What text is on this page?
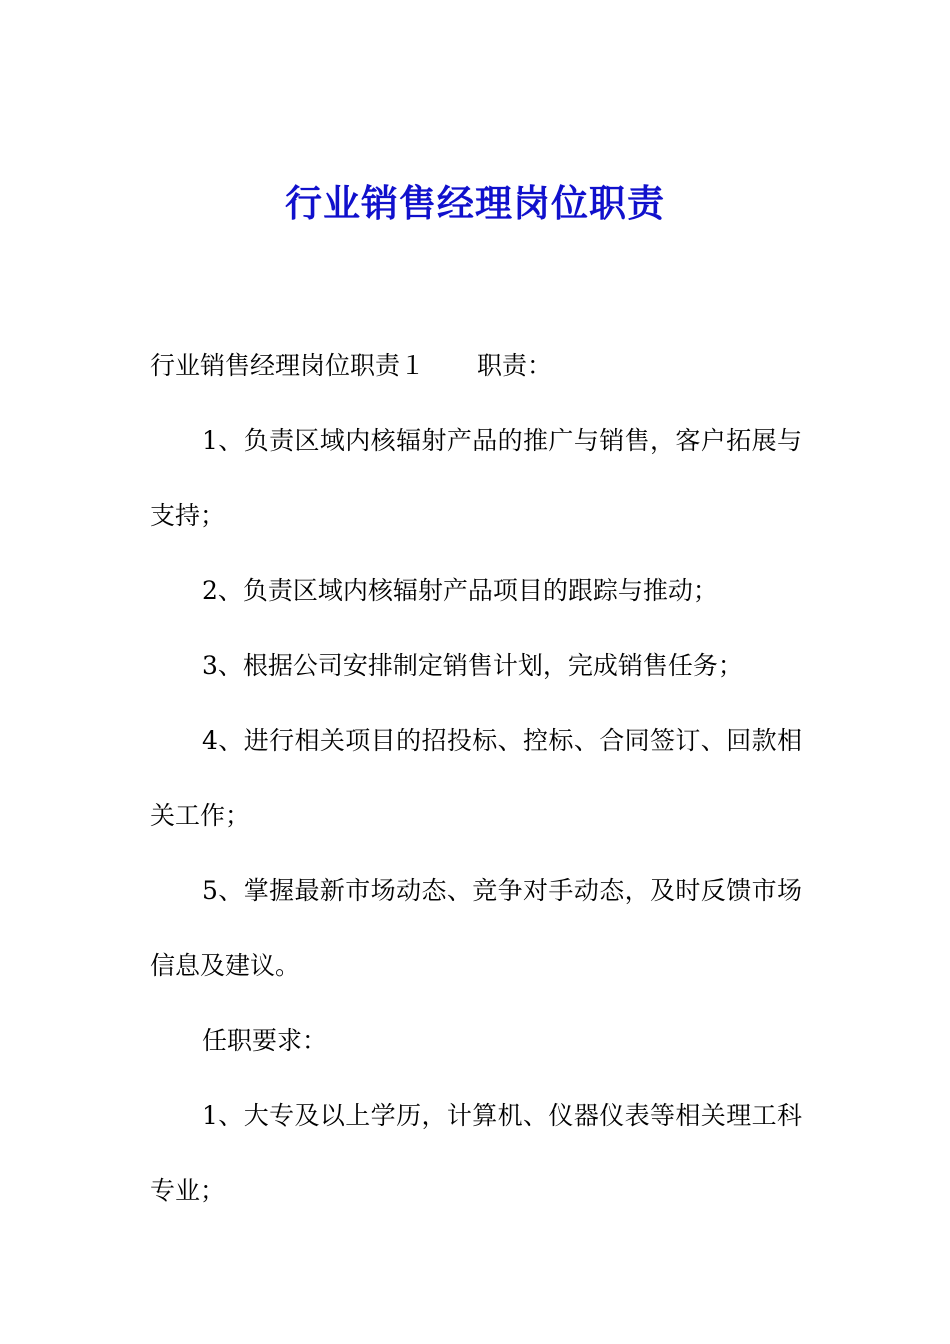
行业销售经理岗位职责

行业销售经理岗位职责１ 职责：

1、负责区域内核辐射产品的推广与销售，客户拓展与支持；

2、负责区域内核辐射产品项目的跟踪与推动；

3、根据公司安排制定销售计划，完成销售任务；

4、进行相关项目的招投标、控标、合同签订、回款相关工作；

5、掌握最新市场动态、竞争对手动态，及时反馈市场信息及建议。

任职要求：

1、大专及以上学历，计算机、仪器仪表等相关理工科专业；
